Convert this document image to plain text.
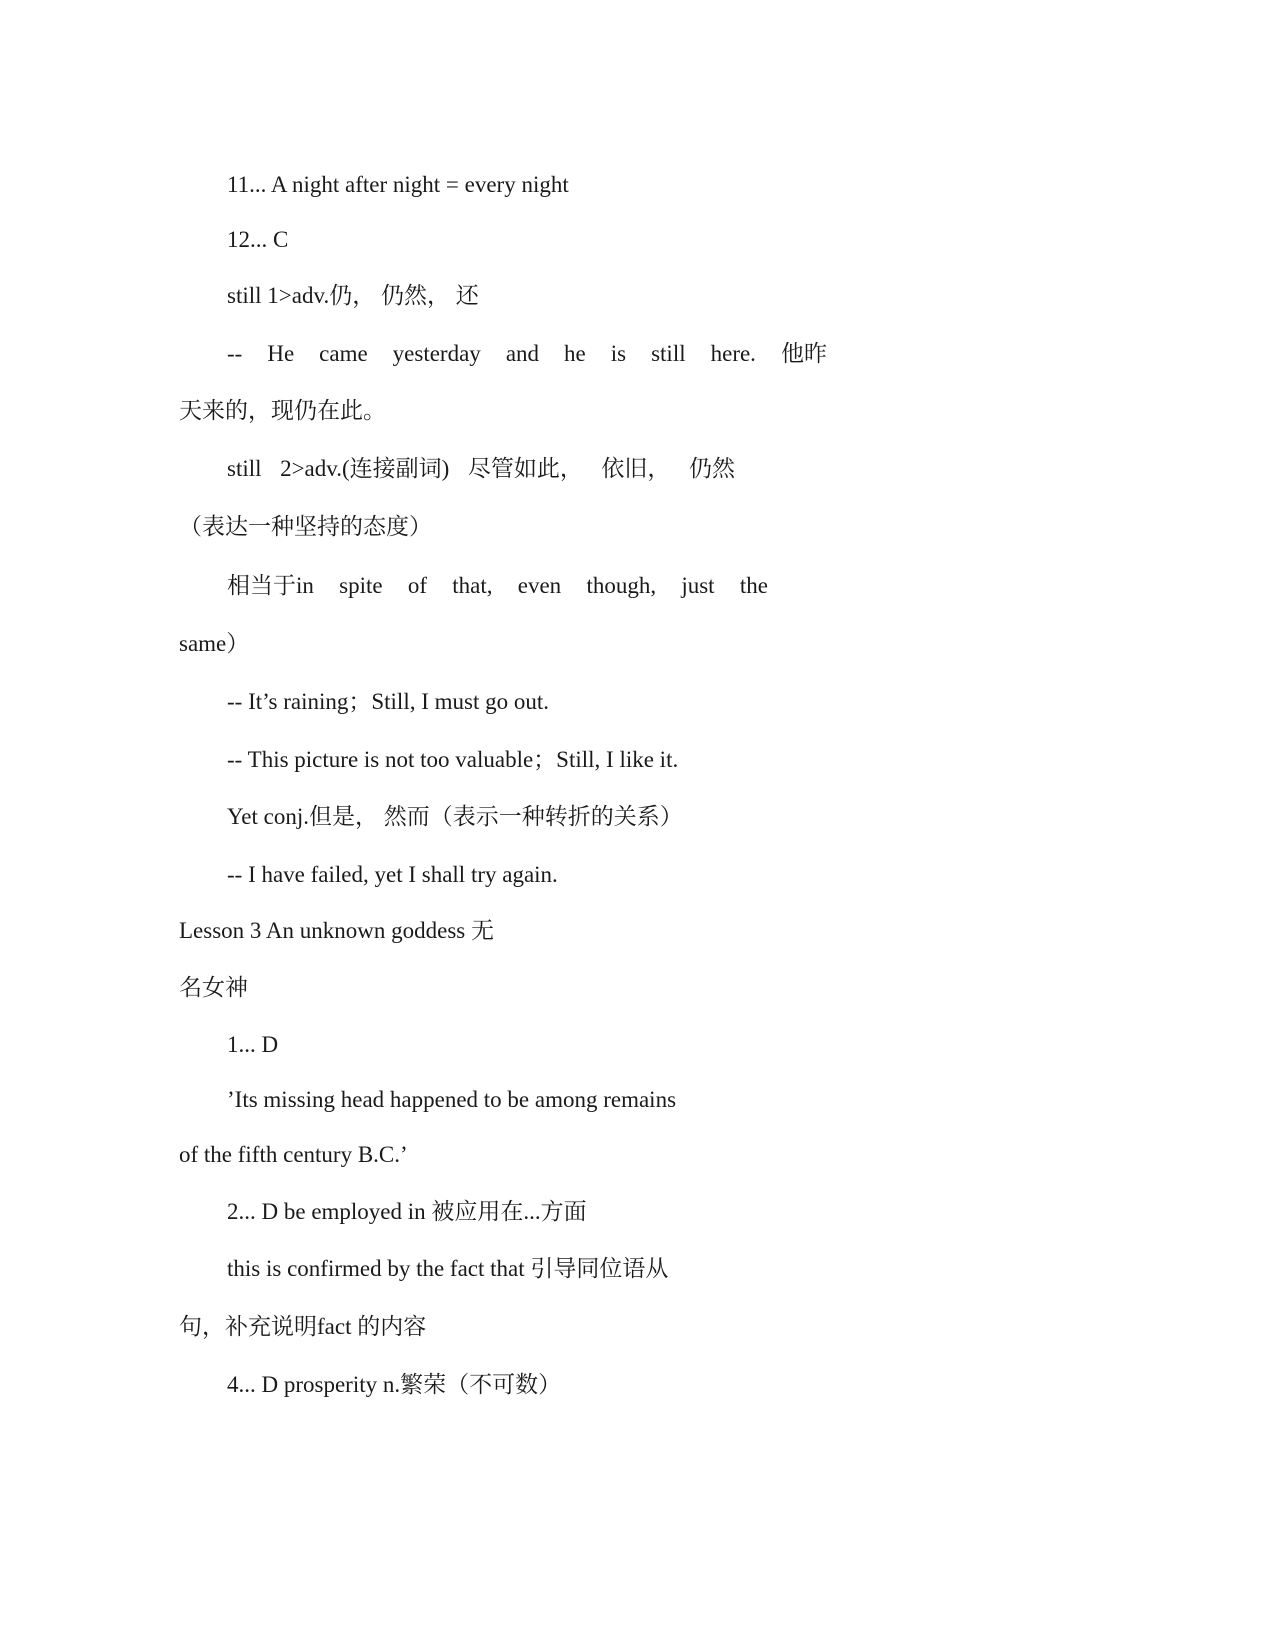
11... A night after night = every night
12... C
still 1>adv.仍， 仍然， 还
-- He came yesterday and he is still here. 他昨
天来的，现仍在此。
still 2>adv.(连接副词) 尽管如此， 依旧， 仍然
（表达一种坚持的态度）
相当于in spite of that, even though, just the
same）
-- It’s raining；Still, I must go out.
-- This picture is not too valuable；Still, I like it.
Yet conj.但是， 然而（表示一种转折的关系）
-- I have failed, yet I shall try again.
Lesson 3 An unknown goddess 无
名女神
1... D
’Its missing head happened to be among remains
of the fifth century B.C.’
2... D be employed in 被应用在...方面
this is confirmed by the fact that 引导同位语从
句，补充说明fact 的内容
4... D prosperity n.繁荣（不可数）
